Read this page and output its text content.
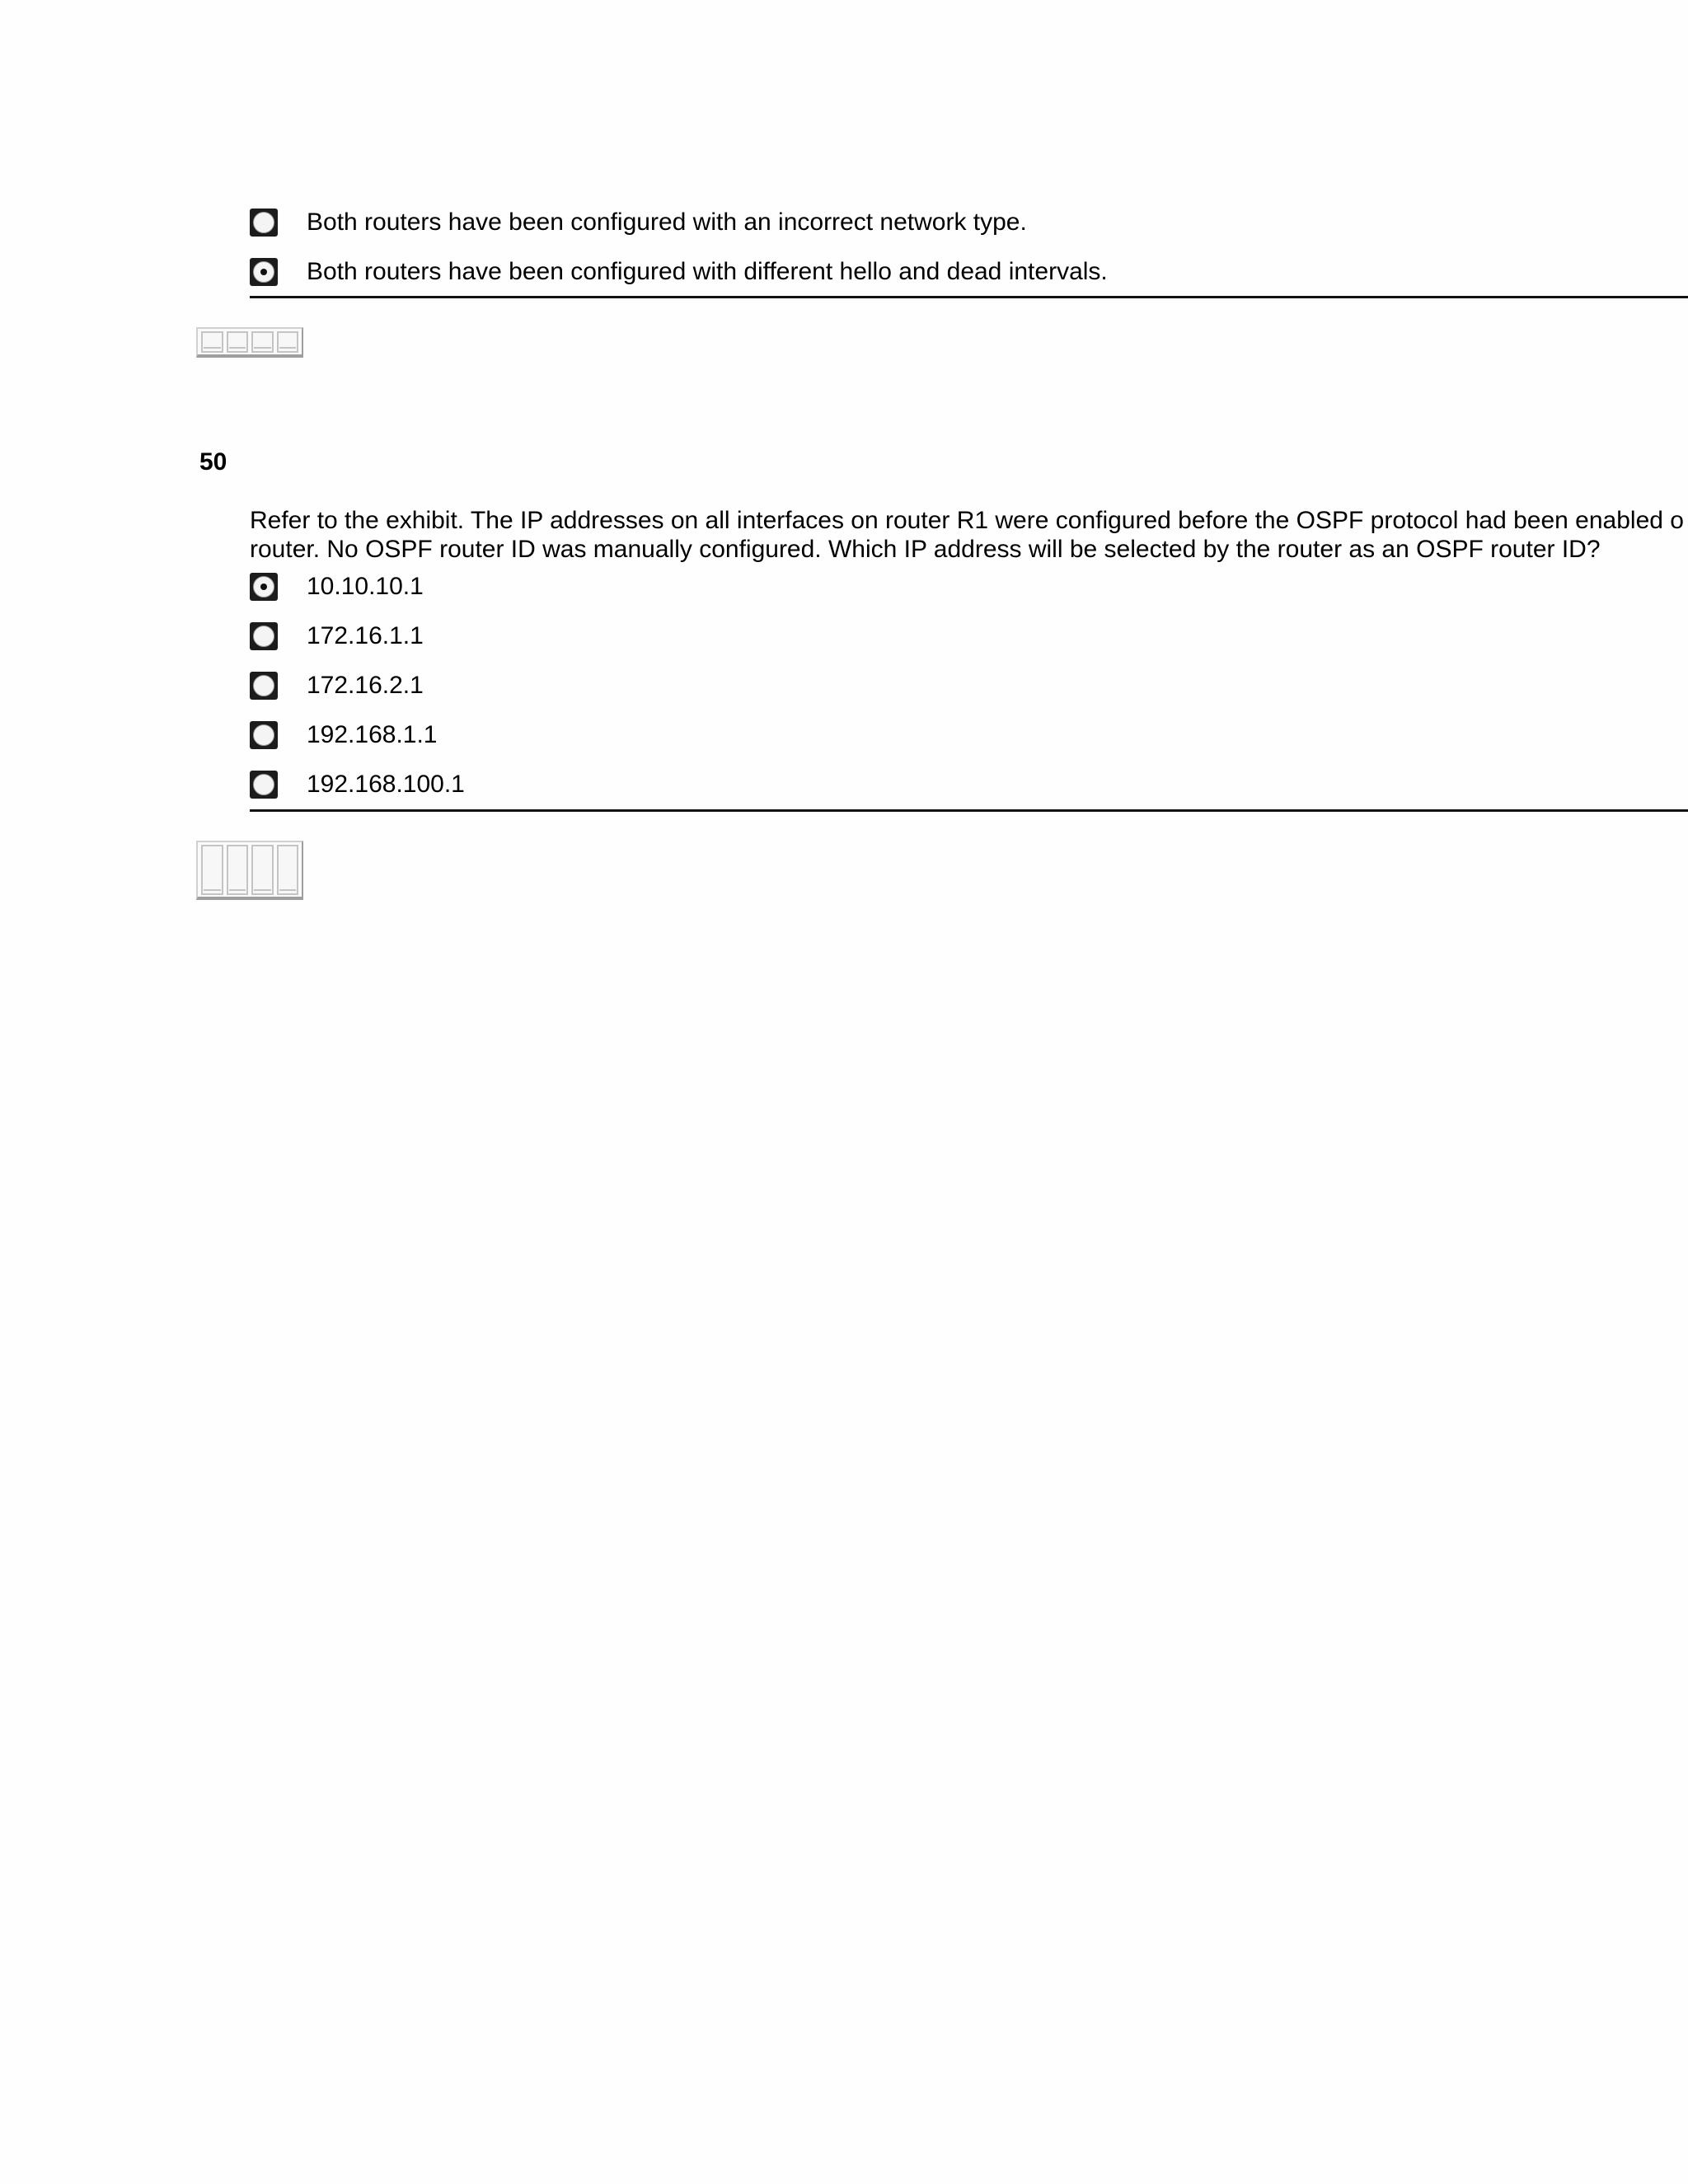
Both routers have been configured with an incorrect network type.
Both routers have been configured with different hello and dead intervals.
50
Refer to the exhibit. The IP addresses on all interfaces on router R1 were configured before the OSPF protocol had been enabled o
router. No OSPF router ID was manually configured. Which IP address will be selected by the router as an OSPF router ID?
10.10.10.1
172.16.1.1
172.16.2.1
192.168.1.1
192.168.100.1
